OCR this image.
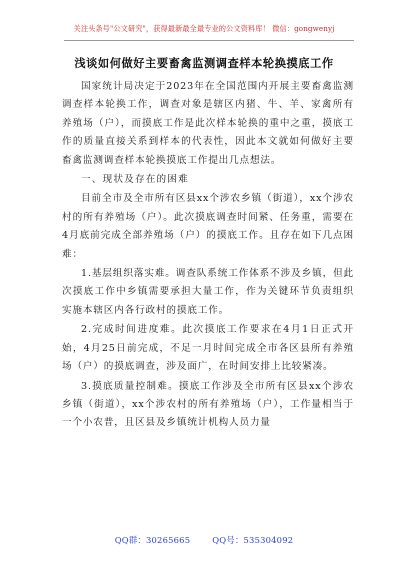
关注头条号"公文研究"，获得最新最全最专业的公文资料库！ 微信：gongwenyj
浅谈如何做好主要畜禽监测调查样本轮换摸底工作

国家统计局决定于2023年在全国范围内开展主要畜禽监测调查样本轮换工作，调查对象是辖区内猪、牛、羊、家禽所有养殖场（户），而摸底工作是此次样本轮换的重中之重，摸底工作的质量直接关系到样本的代表性，因此本文就如何做好主要畜禽监测调查样本轮换摸底工作提出几点想法。

一、现状及存在的困难

目前全市及全市所有区县xx个涉农乡镇（街道），xx个涉农村的所有养殖场（户）。此次摸底调查时间紧、任务重，需要在4月底前完成全部养殖场（户）的摸底工作。且存在如下几点困难：

1.基层组织落实难。调查队系统工作体系不涉及乡镇，但此次摸底工作中乡镇需要承担大量工作，作为关键环节负责组织实施本辖区内各行政村的摸底工作。

2.完成时间进度难。此次摸底工作要求在4月1日正式开始，4月25日前完成，不足一月时间完成全市各区县所有养殖场（户）的摸底调查，涉及面广，在时间安排上比较紧凑。

3.摸底质量控制难。摸底工作涉及全市所有区县xx个涉农乡镇（街道），xx个涉农村的所有养殖场（户），工作量相当于一个小农普，且区县及乡镇统计机构人员力量

QQ群：30265665	QQ号：535304092
